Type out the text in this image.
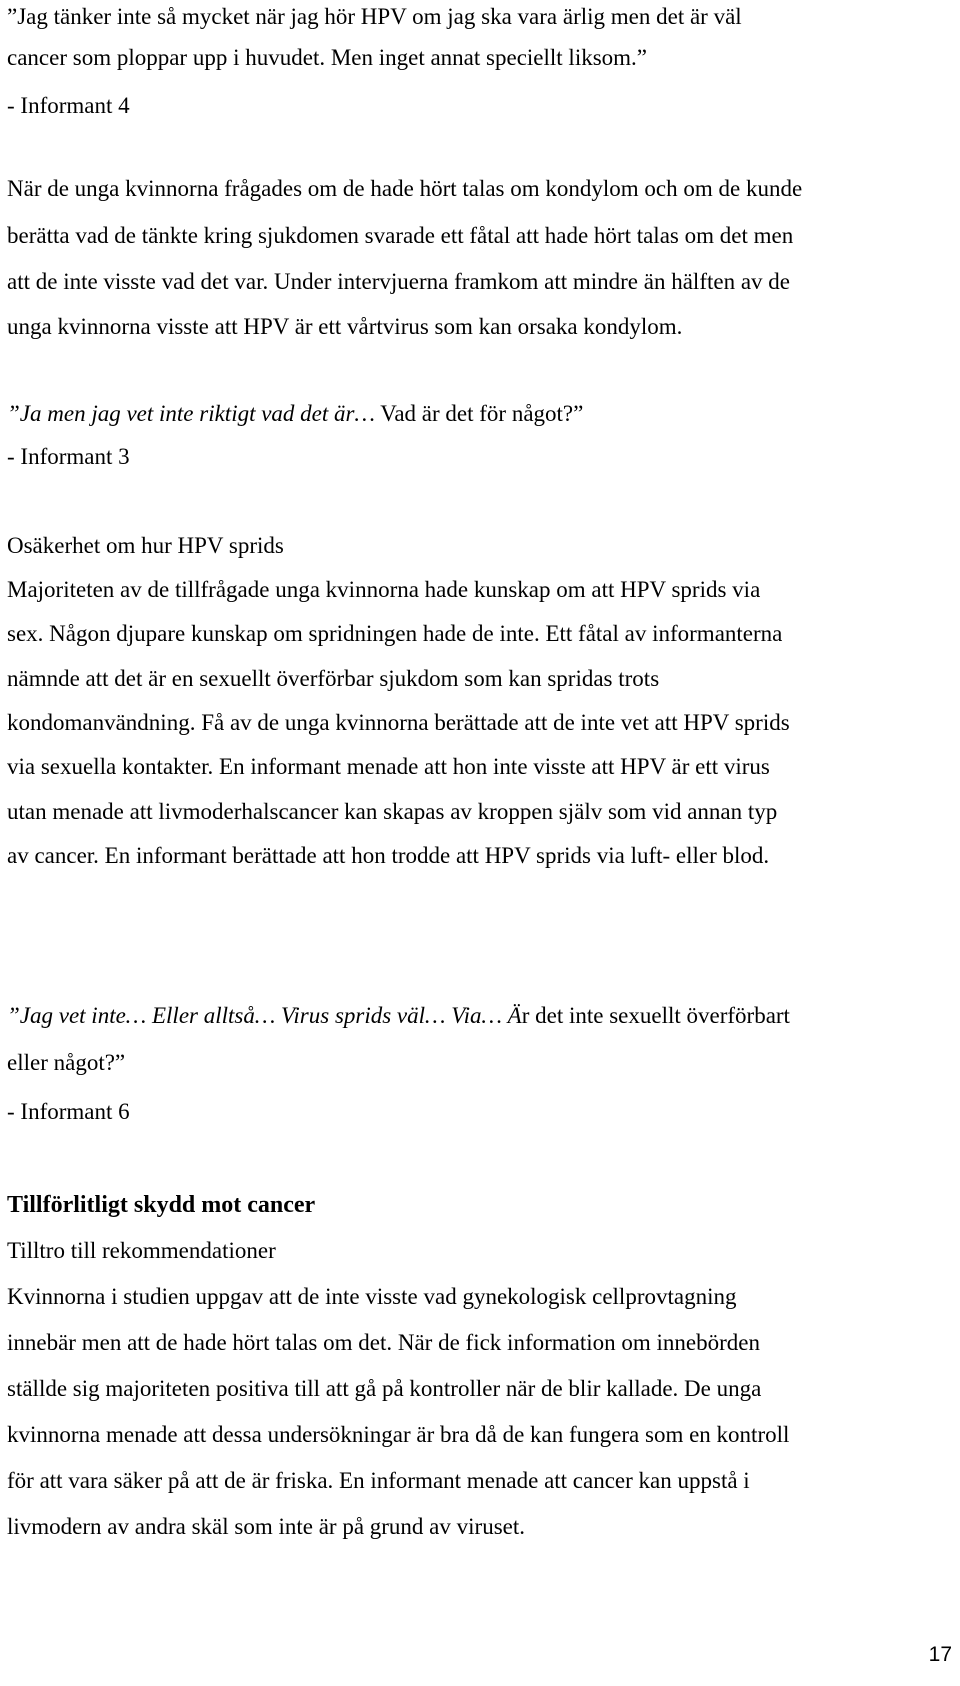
”Jag tänker inte så mycket när jag hör HPV om jag ska vara ärlig men det är väl
cancer som ploppar upp i huvudet. Men inget annat speciellt liksom.”
- Informant 4
När de unga kvinnorna frågades om de hade hört talas om kondylom och om de kunde
berätta vad de tänkte kring sjukdomen svarade ett fåtal att hade hört talas om det men
att de inte visste vad det var. Under intervjuerna framkom att mindre än hälften av de
unga kvinnorna visste att HPV är ett vårtvirus som kan orsaka kondylom.
”Ja men jag vet inte riktigt vad det är… Vad är det för något?”
- Informant 3
Osäkerhet om hur HPV sprids
Majoriteten av de tillfrågade unga kvinnorna hade kunskap om att HPV sprids via
sex. Någon djupare kunskap om spridningen hade de inte. Ett fåtal av informanterna
nämnde att det är en sexuellt överförbar sjukdom som kan spridas trots
kondomanvändning. Få av de unga kvinnorna berättade att de inte vet att HPV sprids
via sexuella kontakter. En informant menade att hon inte visste att HPV är ett virus
utan menade att livmoderhalscancer kan skapas av kroppen själv som vid annan typ
av cancer. En informant berättade att hon trodde att HPV sprids via luft- eller blod.
”Jag vet inte… Eller alltså… Virus sprids väl… Via… Är det inte sexuellt överförbart
eller något?”
- Informant 6
Tillförlitligt skydd mot cancer
Tilltro till rekommendationer
Kvinnorna i studien uppgav att de inte visste vad gynekologisk cellprovtagning
innebär men att de hade hört talas om det. När de fick information om innebörden
ställde sig majoriteten positiva till att gå på kontroller när de blir kallade. De unga
kvinnorna menade att dessa undersökningar är bra då de kan fungera som en kontroll
för att vara säker på att de är friska. En informant menade att cancer kan uppstå i
livmodern av andra skäl som inte är på grund av viruset.
17
